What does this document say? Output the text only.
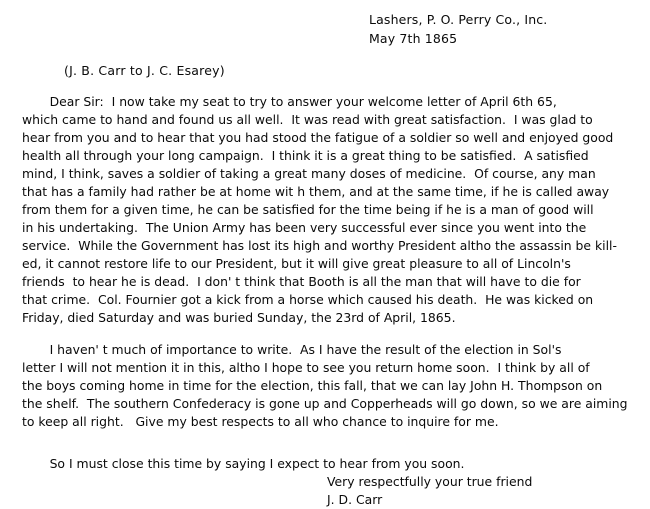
Lashers, P. O. Perry Co., Inc.
May 7th 1865
(J. B. Carr to J. C. Esarey)
Dear Sir:  I now take my seat to try to answer your welcome letter of April 6th 65,
which came to hand and found us all well.  It was read with great satisfaction.  I was glad to
hear from you and to hear that you had stood the fatigue of a soldier so well and enjoyed good
health all through your long campaign.  I think it is a great thing to be satisfied.  A satisfied
mind, I think, saves a soldier of taking a great many doses of medicine.  Of course, any man
that has a family had rather be at home wit h them, and at the same time, if he is called away
from them for a given time, he can be satisfied for the time being if he is a man of good will
in his undertaking.  The Union Army has been very successful ever since you went into the
service.  While the Government has lost its high and worthy President altho the assassin be kill-
ed, it cannot restore life to our President, but it will give great pleasure to all of Lincoln's
friends  to hear he is dead.  I don' t think that Booth is all the man that will have to die for
that crime.  Col. Fournier got a kick from a horse which caused his death.  He was kicked on
Friday, died Saturday and was buried Sunday, the 23rd of April, 1865.
I haven' t much of importance to write.  As I have the result of the election in Sol's
letter I will not mention it in this, altho I hope to see you return home soon.  I think by all of
the boys coming home in time for the election, this fall, that we can lay John H. Thompson on
the shelf.  The southern Confederacy is gone up and Copperheads will go down, so we are aiming
to keep all right.   Give my best respects to all who chance to inquire for me.
So I must close this time by saying I expect to hear from you soon.
Very respectfully your true friend
J. D. Carr
